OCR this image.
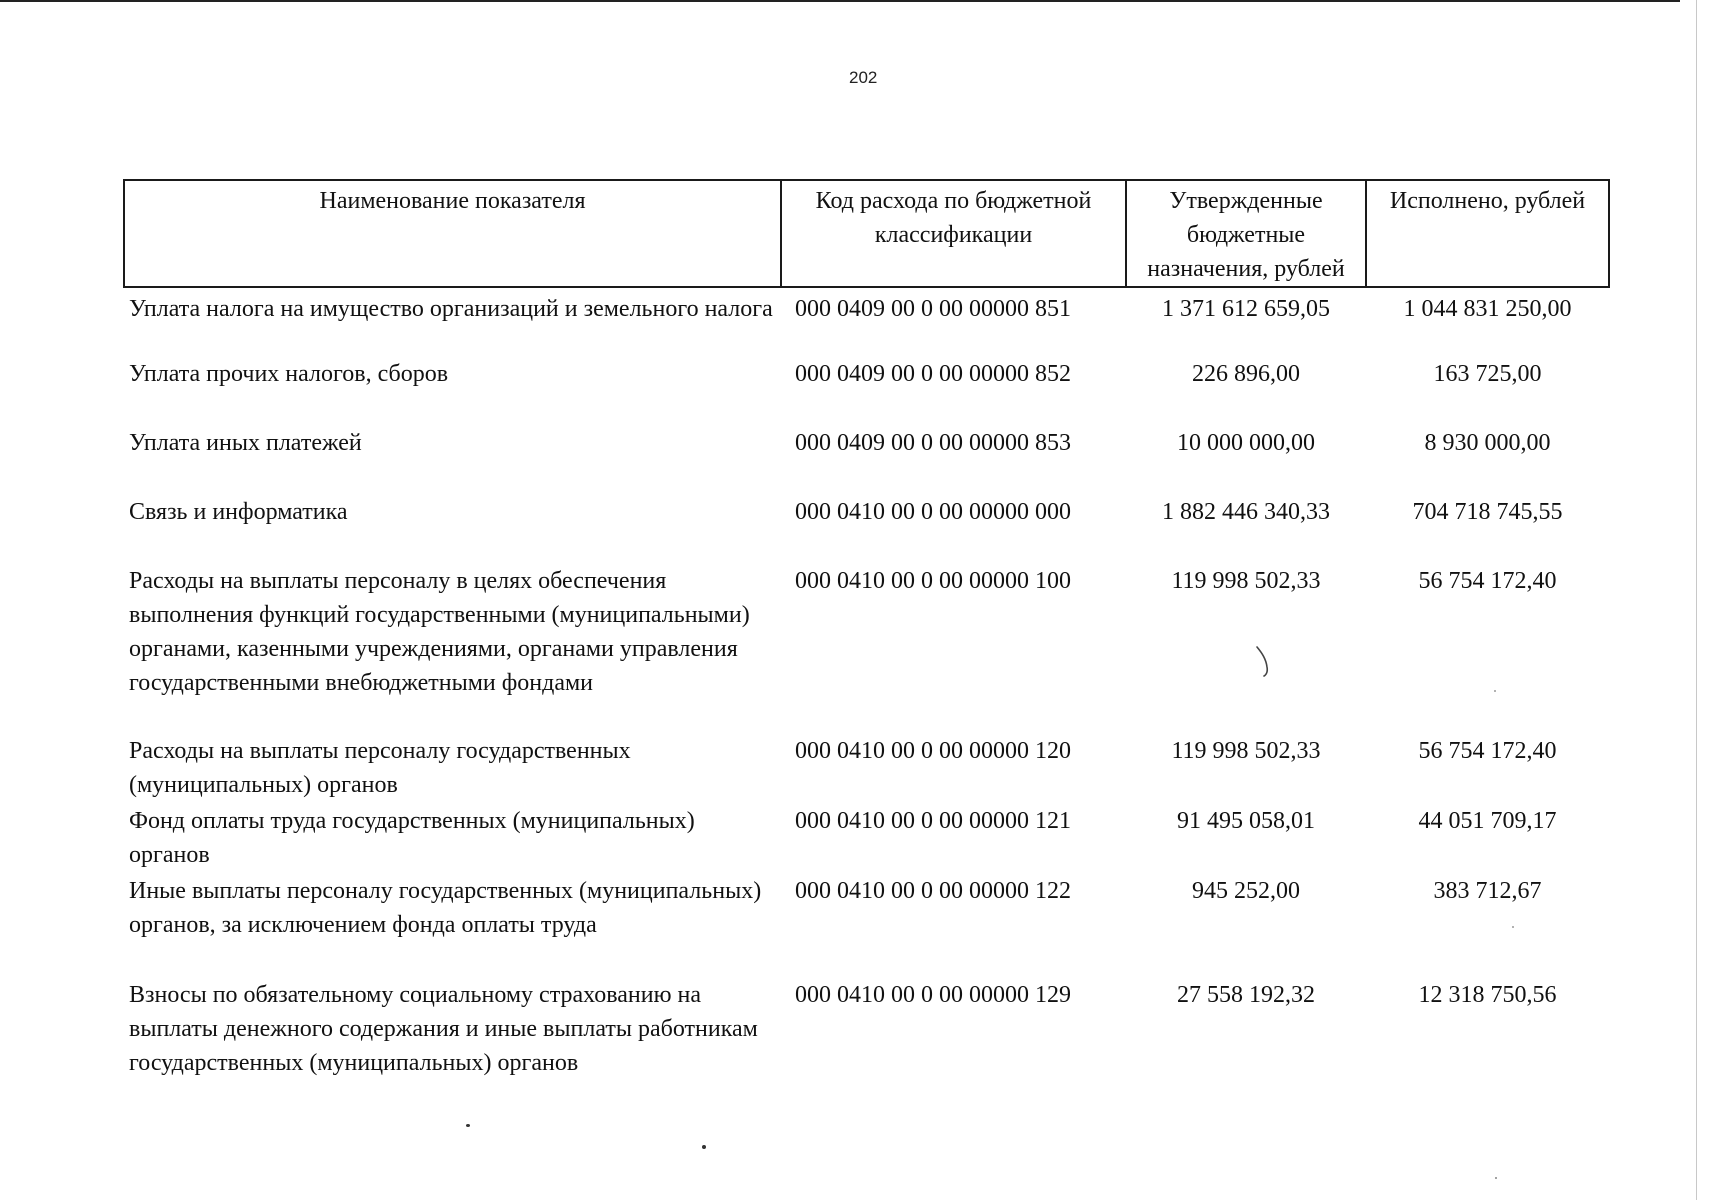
202
Наименование показателя	Код расхода по бюджетной классификации	Утвержденные бюджетные назначения, рублей	Исполнено, рублей
Уплата налога на имущество организаций и земельного налога	000 0409 00 0 00 00000 851	1 371 612 659,05	1 044 831 250,00
Уплата прочих налогов, сборов	000 0409 00 0 00 00000 852	226 896,00	163 725,00
Уплата иных платежей	000 0409 00 0 00 00000 853	10 000 000,00	8 930 000,00
Связь и информатика	000 0410 00 0 00 00000 000	1 882 446 340,33	704 718 745,55
Расходы на выплаты персоналу в целях обеспечения выполнения функций государственными (муниципальными) органами, казенными учреждениями, органами управления государственными внебюджетными фондами	000 0410 00 0 00 00000 100	119 998 502,33	56 754 172,40
Расходы на выплаты персоналу государственных (муниципальных) органов	000 0410 00 0 00 00000 120	119 998 502,33	56 754 172,40
Фонд оплаты труда государственных (муниципальных) органов	000 0410 00 0 00 00000 121	91 495 058,01	44 051 709,17
Иные выплаты персоналу государственных (муниципальных) органов, за исключением фонда оплаты труда	000 0410 00 0 00 00000 122	945 252,00	383 712,67
Взносы по обязательному социальному страхованию на выплаты денежного содержания и иные выплаты работникам государственных (муниципальных) органов	000 0410 00 0 00 00000 129	27 558 192,32	12 318 750,56
